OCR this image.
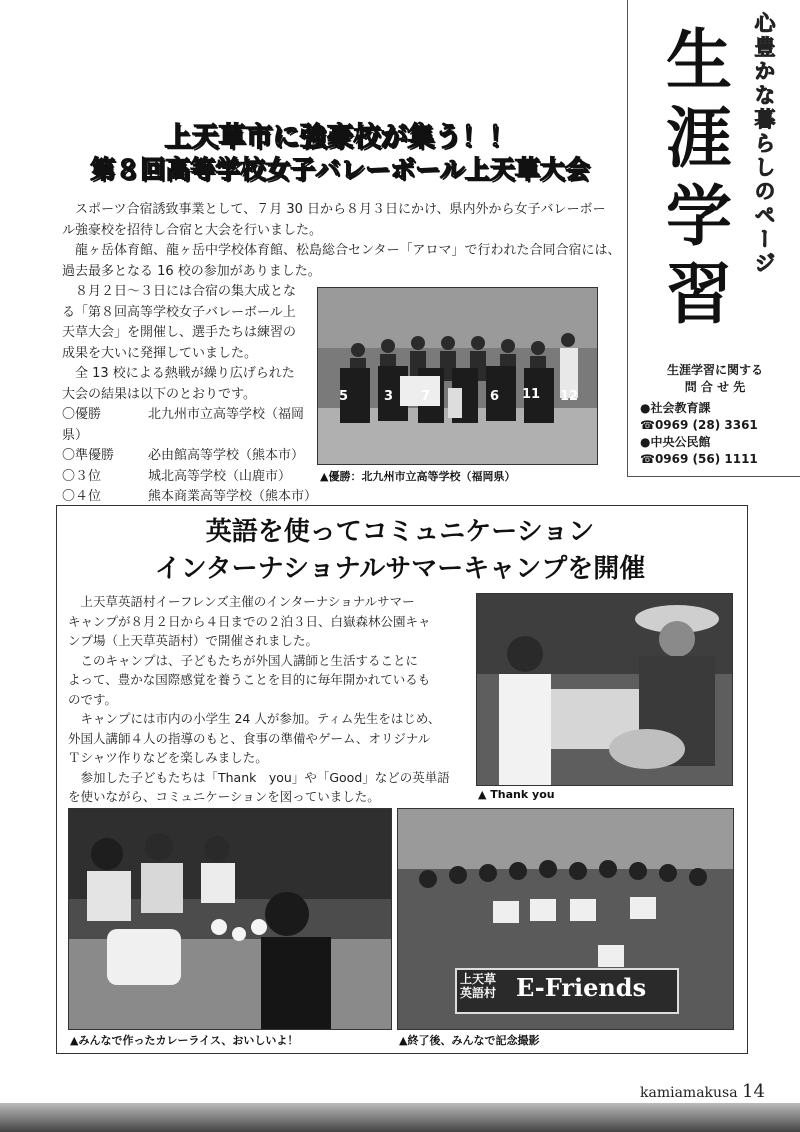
心豊かな暮らしのページ
生
涯
学
習
生涯学習に関する
問 合 せ 先
●社会教育課
☎0969 (28) 3361
●中央公民館
☎0969 (56) 1111
上天草市に強豪校が集う！！
第８回高等学校女子バレーボール上天草大会
スポーツ合宿誘致事業として、７月 30 日から８月３日にかけ、県内外から女子バレーボー
ル強豪校を招待し合宿と大会を行いました。
龍ヶ岳体育館、龍ヶ岳中学校体育館、松島総合センター「アロマ」で行われた合同合宿には、
過去最多となる 16 校の参加がありました。
８月２日～３日には合宿の集大成とな
る「第８回高等学校女子バレーボール上
天草大会」を開催し、選手たちは練習の
成果を大いに発揮していました。
全 13 校による熱戦が繰り広げられた
大会の結果は以下のとおりです。
〇優勝	北九州市立高等学校（福岡県）
〇準優勝	必由館高等学校（熊本市）
〇３位	城北高等学校（山鹿市）
〇４位	熊本商業高等学校（熊本市）
5	3 7	6 11 12
▲優勝：北九州市立高等学校（福岡県）
英語を使ってコミュニケーション
インターナショナルサマーキャンプを開催
　上天草英語村イーフレンズ主催のインターナショナルサマー
キャンプが８月２日から４日までの２泊３日、白嶽森林公園キャ
ンプ場（上天草英語村）で開催されました。
　このキャンプは、子どもたちが外国人講師と生活することに
よって、豊かな国際感覚を養うことを目的に毎年開かれているも
のです。
　キャンプには市内の小学生 24 人が参加。ティム先生をはじめ、
外国人講師４人の指導のもと、食事の準備やゲーム、オリジナル
Ｔシャツ作りなどを楽しみました。
　参加した子どもたちは「Thank　you」や「Good」などの英単語
を使いながら、コミュニケーションを図っていました。	▲ Thank you
▲みんなで作ったカレーライス、おいしいよ！
上天草
英語村 E-Friends
▲終了後、みんなで記念撮影
kamiamakusa 14
